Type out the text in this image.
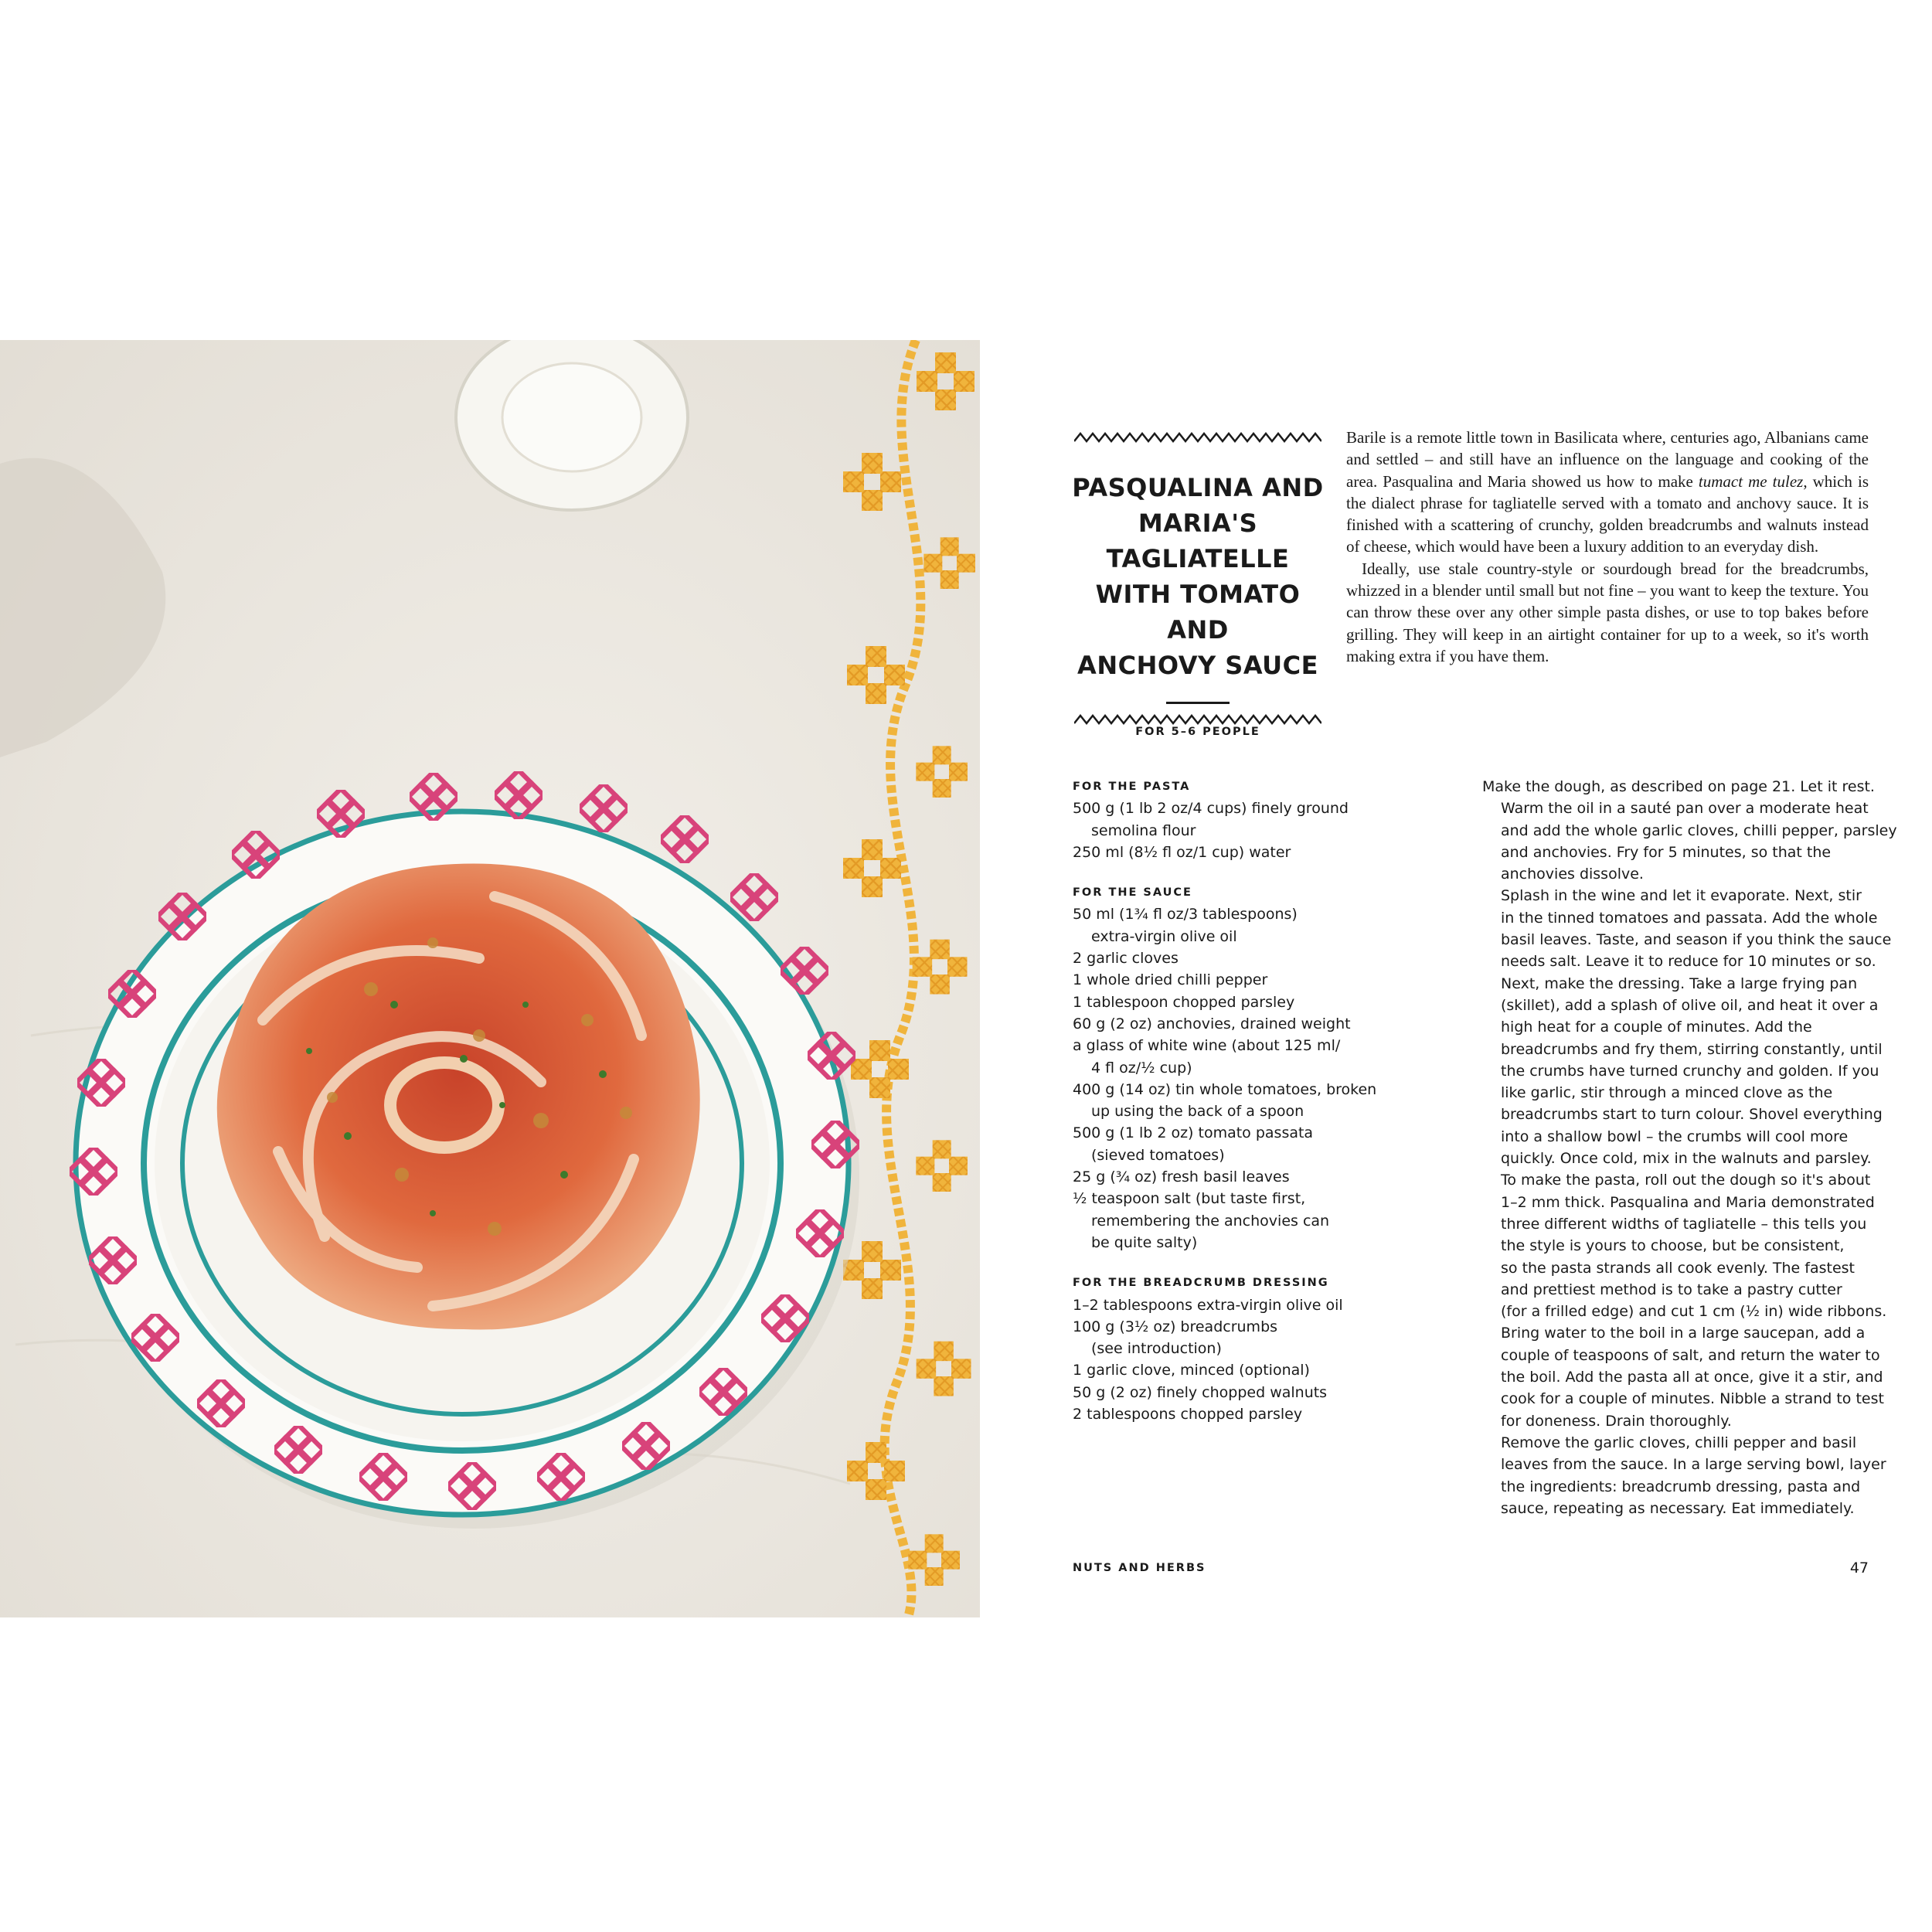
PASQUALINA AND
MARIA'S TAGLIATELLE
WITH TOMATO AND
ANCHOVY SAUCE
FOR 5–6 PEOPLE

Barile is a remote little town in Basilicata where, centuries ago, Albanians came and settled – and still have an influence on the language and cooking of the area. Pasqualina and Maria showed us how to make tumact me tulez, which is the dialect phrase for tagliatelle served with a tomato and anchovy sauce. It is finished with a scattering of crunchy, golden breadcrumbs and walnuts instead of cheese, which would have been a luxury addition to an everyday dish.

Ideally, use stale country-style or sourdough bread for the breadcrumbs, whizzed in a blender until small but not fine – you want to keep the texture. You can throw these over any other simple pasta dishes, or use to top bakes before grilling. They will keep in an airtight container for up to a week, so it's worth making extra if you have them.

FOR THE PASTA
500 g (1 lb 2 oz/4 cups) finely ground
semolina flour
250 ml (8½ fl oz/1 cup) water
FOR THE SAUCE
50 ml (1¾ fl oz/3 tablespoons)
extra-virgin olive oil
2 garlic cloves
1 whole dried chilli pepper
1 tablespoon chopped parsley
60 g (2 oz) anchovies, drained weight
a glass of white wine (about 125 ml/
4 fl oz/½ cup)
400 g (14 oz) tin whole tomatoes, broken
up using the back of a spoon
500 g (1 lb 2 oz) tomato passata
(sieved tomatoes)
25 g (¾ oz) fresh basil leaves
½ teaspoon salt (but taste first,
remembering the anchovies can
be quite salty)
FOR THE BREADCRUMB DRESSING
1–2 tablespoons extra-virgin olive oil
100 g (3½ oz) breadcrumbs
(see introduction)
1 garlic clove, minced (optional)
50 g (2 oz) finely chopped walnuts
2 tablespoons chopped parsley
Make the dough, as described on page 21. Let it rest.
Warm the oil in a sauté pan over a moderate heat
and add the whole garlic cloves, chilli pepper, parsley
and anchovies. Fry for 5 minutes, so that the
anchovies dissolve.
Splash in the wine and let it evaporate. Next, stir
in the tinned tomatoes and passata. Add the whole
basil leaves. Taste, and season if you think the sauce
needs salt. Leave it to reduce for 10 minutes or so.
Next, make the dressing. Take a large frying pan
(skillet), add a splash of olive oil, and heat it over a
high heat for a couple of minutes. Add the
breadcrumbs and fry them, stirring constantly, until
the crumbs have turned crunchy and golden. If you
like garlic, stir through a minced clove as the
breadcrumbs start to turn colour. Shovel everything
into a shallow bowl – the crumbs will cool more
quickly. Once cold, mix in the walnuts and parsley.
To make the pasta, roll out the dough so it's about
1–2 mm thick. Pasqualina and Maria demonstrated
three different widths of tagliatelle – this tells you
the style is yours to choose, but be consistent,
so the pasta strands all cook evenly. The fastest
and prettiest method is to take a pastry cutter
(for a frilled edge) and cut 1 cm (½ in) wide ribbons.
Bring water to the boil in a large saucepan, add a
couple of teaspoons of salt, and return the water to
the boil. Add the pasta all at once, give it a stir, and
cook for a couple of minutes. Nibble a strand to test
for doneness. Drain thoroughly.
Remove the garlic cloves, chilli pepper and basil
leaves from the sauce. In a large serving bowl, layer
the ingredients: breadcrumb dressing, pasta and
sauce, repeating as necessary. Eat immediately.
NUTS AND HERBS	47
